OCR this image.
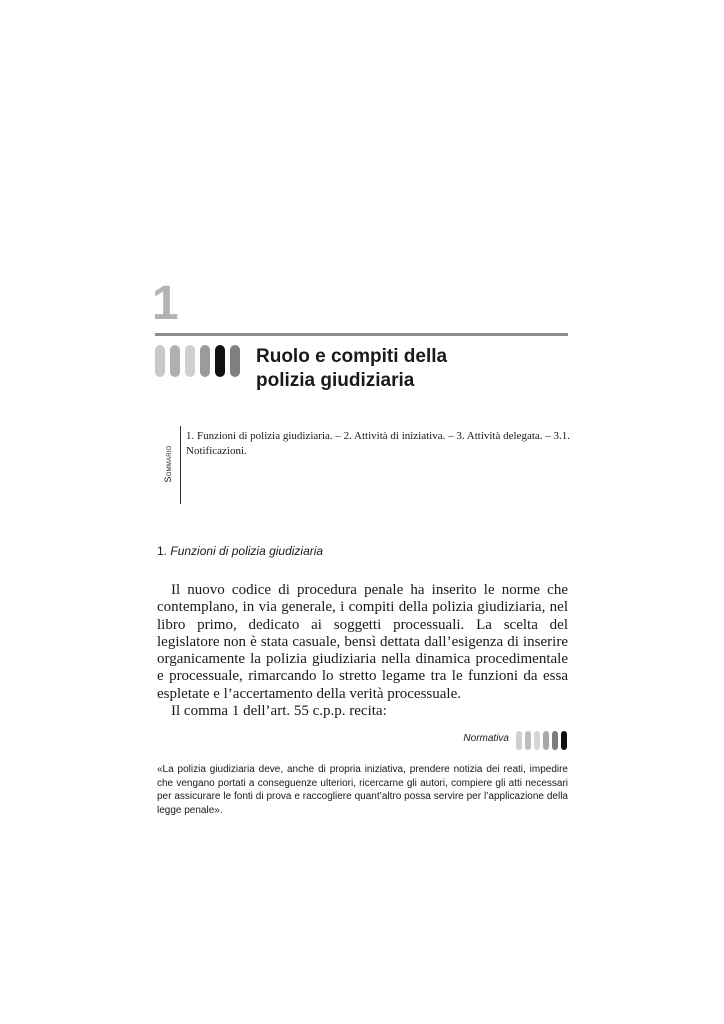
1
Ruolo e compiti della
polizia giudiziaria
Sommario
1. Funzioni di polizia giudiziaria. – 2. Attività di iniziativa. – 3. Attività delegata. – 3.1. Notificazioni.
1. Funzioni di polizia giudiziaria

Il nuovo codice di procedura penale ha inserito le norme che contemplano, in via generale, i compiti della polizia giudiziaria, nel libro primo, dedicato ai soggetti processuali. La scelta del legislatore non è stata casuale, bensì dettata dall’esigenza di inserire organicamente la polizia giudiziaria nella dinamica procedimentale e processuale, rimarcando lo stretto legame tra le funzioni da essa espletate e l’accertamento della verità processuale.

Il comma 1 dell’art. 55 c.p.p. recita:

Normativa
«La polizia giudiziaria deve, anche di propria iniziativa, prendere notizia dei reati, impedire che vengano portati a conseguenze ulteriori, ricercarne gli autori, compiere gli atti necessari per assicurare le fonti di prova e raccogliere quant’altro possa servire per l’applicazione della legge penale».
